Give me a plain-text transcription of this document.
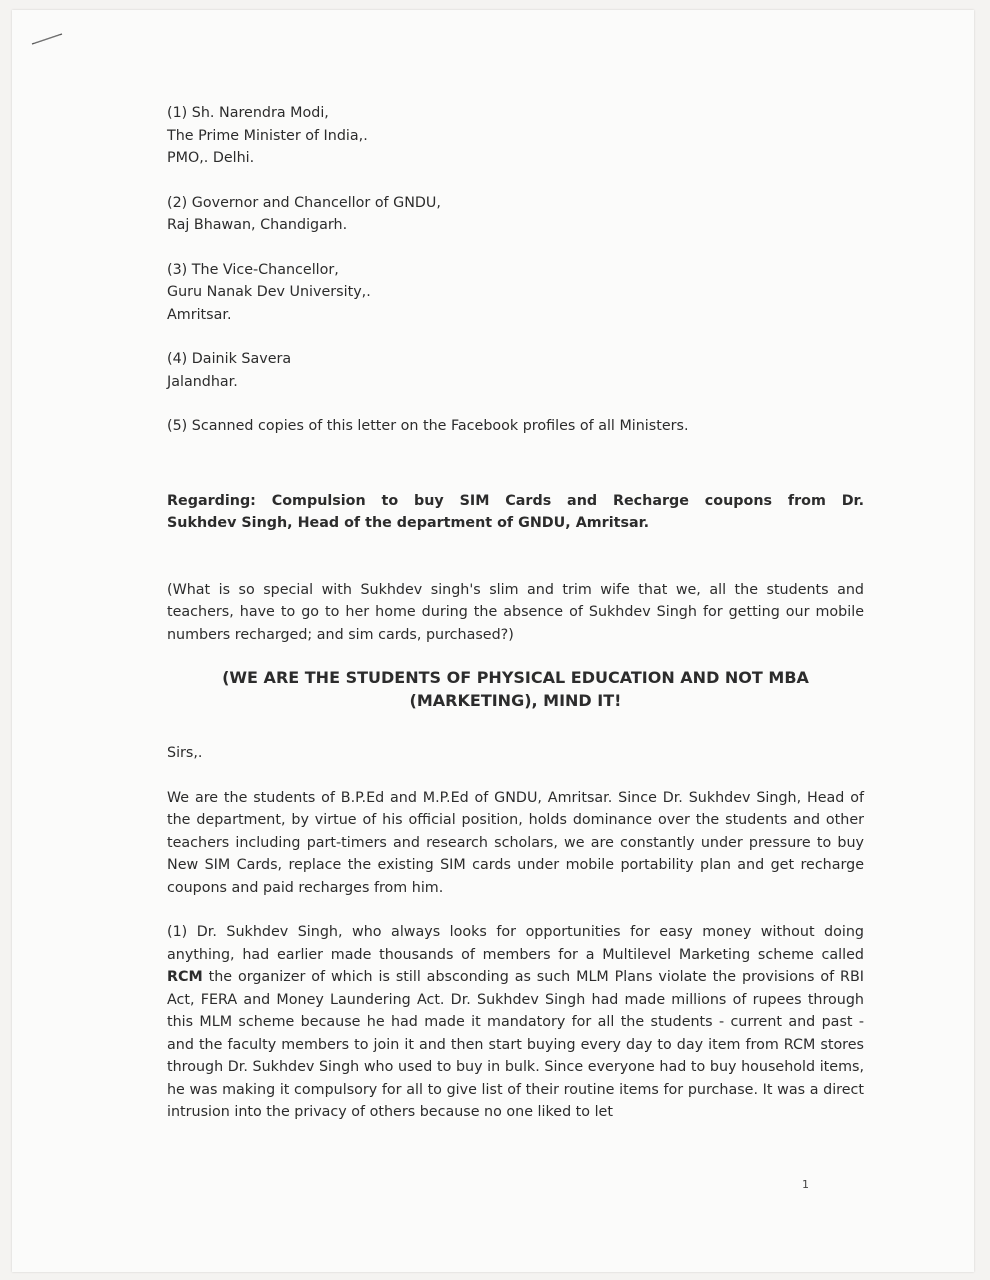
(1) Sh. Narendra Modi,
The Prime Minister of India,.
PMO,. Delhi.
(2) Governor and Chancellor of GNDU,
Raj Bhawan, Chandigarh.
(3) The Vice-Chancellor,
Guru Nanak Dev University,.
Amritsar.
(4) Dainik Savera
Jalandhar.
(5) Scanned copies of this letter on the Facebook profiles of all Ministers.
Regarding: Compulsion to buy SIM Cards and Recharge coupons from Dr.
Sukhdev Singh, Head of the department of GNDU, Amritsar.
(What is so special with Sukhdev singh's slim and trim wife that we, all the students and teachers, have to go to her home during the absence of Sukhdev Singh for getting our mobile numbers recharged; and sim cards, purchased?)
(WE ARE THE STUDENTS OF PHYSICAL EDUCATION AND NOT MBA
(MARKETING), MIND IT!
Sirs,.
We are the students of B.P.Ed and M.P.Ed of GNDU, Amritsar. Since Dr. Sukhdev Singh, Head of the department, by virtue of his official position, holds dominance over the students and other teachers including part-timers and research scholars, we are constantly under pressure to buy New SIM Cards, replace the existing SIM cards under mobile portability plan and get recharge coupons and paid recharges from him.
(1) Dr. Sukhdev Singh, who always looks for opportunities for easy money without doing anything, had earlier made thousands of members for a Multilevel Marketing scheme called RCM the organizer of which is still absconding as such MLM Plans violate the provisions of RBI Act, FERA and Money Laundering Act. Dr. Sukhdev Singh had made millions of rupees through this MLM scheme because he had made it mandatory for all the students - current and past - and the faculty members to join it and then start buying every day to day item from RCM stores through Dr. Sukhdev Singh who used to buy in bulk. Since everyone had to buy household items, he was making it compulsory for all to give list of their routine items for purchase. It was a direct intrusion into the privacy of others because no one liked to let
1
